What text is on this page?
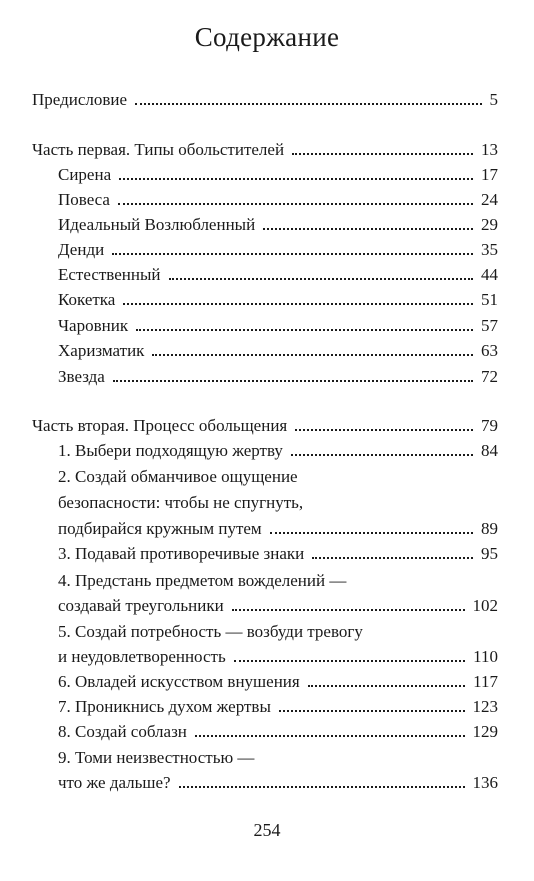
Содержание
Предисловие	5
Часть первая. Типы обольстителей	13
Сирена	17
Повеса	24
Идеальный Возлюбленный	29
Денди	35
Естественный	44
Кокетка	51
Чаровник	57
Харизматик	63
Звезда	72
Часть вторая. Процесс обольщения	79
1. Выбери подходящую жертву	84
2. Создай обманчивое ощущение
безопасности: чтобы не спугнуть,
подбирайся кружным путем	89
3. Подавай противоречивые знаки	95
4. Предстань предметом вожделений —
создавай треугольники	102
5. Создай потребность — возбуди тревогу
и неудовлетворенность	110
6. Овладей искусством внушения	117
7. Проникнись духом жертвы	123
8. Создай соблазн	129
9. Томи неизвестностью —
что же дальше?	136
254
